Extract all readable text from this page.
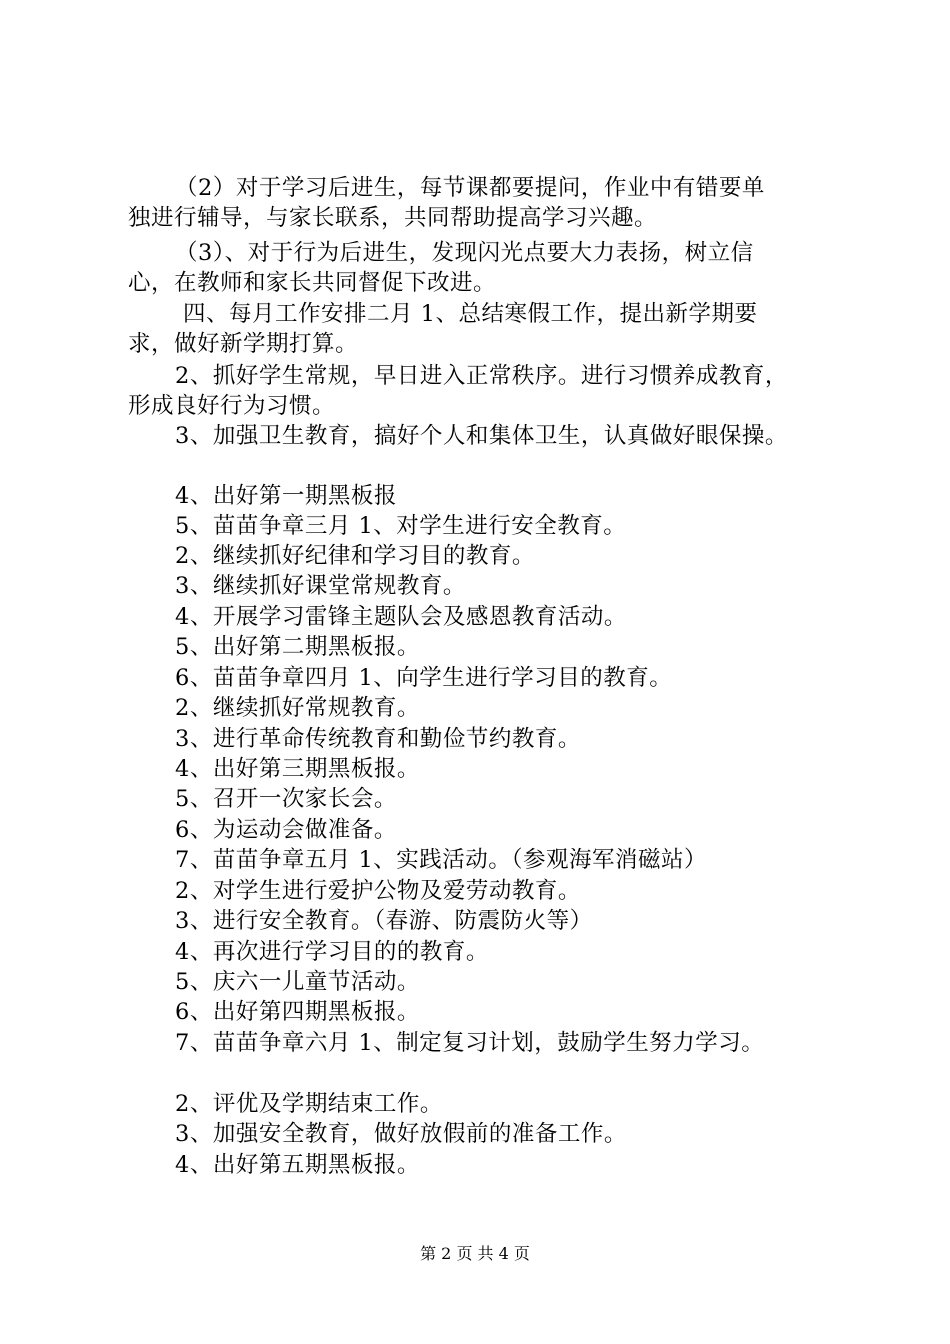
（2）对于学习后进生，每节课都要提问，作业中有错要单
独进行辅导，与家长联系，共同帮助提高学习兴趣。
（3）、对于行为后进生，发现闪光点要大力表扬，树立信
心，在教师和家长共同督促下改进。
四、每月工作安排二月 1、总结寒假工作，提出新学期要
求，做好新学期打算。
2、抓好学生常规，早日进入正常秩序。进行习惯养成教育，
形成良好行为习惯。
3、加强卫生教育，搞好个人和集体卫生，认真做好眼保操。
4、出好第一期黑板报
5、苗苗争章三月 1、对学生进行安全教育。
2、继续抓好纪律和学习目的教育。
3、继续抓好课堂常规教育。
4、开展学习雷锋主题队会及感恩教育活动。
5、出好第二期黑板报。
6、苗苗争章四月 1、向学生进行学习目的教育。
2、继续抓好常规教育。
3、进行革命传统教育和勤俭节约教育。
4、出好第三期黑板报。
5、召开一次家长会。
6、为运动会做准备。
7、苗苗争章五月 1、实践活动。（参观海军消磁站）
2、对学生进行爱护公物及爱劳动教育。
3、进行安全教育。（春游、防震防火等）
4、再次进行学习目的的教育。
5、庆六一儿童节活动。
6、出好第四期黑板报。
7、苗苗争章六月 1、制定复习计划，鼓励学生努力学习。
2、评优及学期结束工作。
3、加强安全教育，做好放假前的准备工作。
4、出好第五期黑板报。
第 2 页 共 4 页
